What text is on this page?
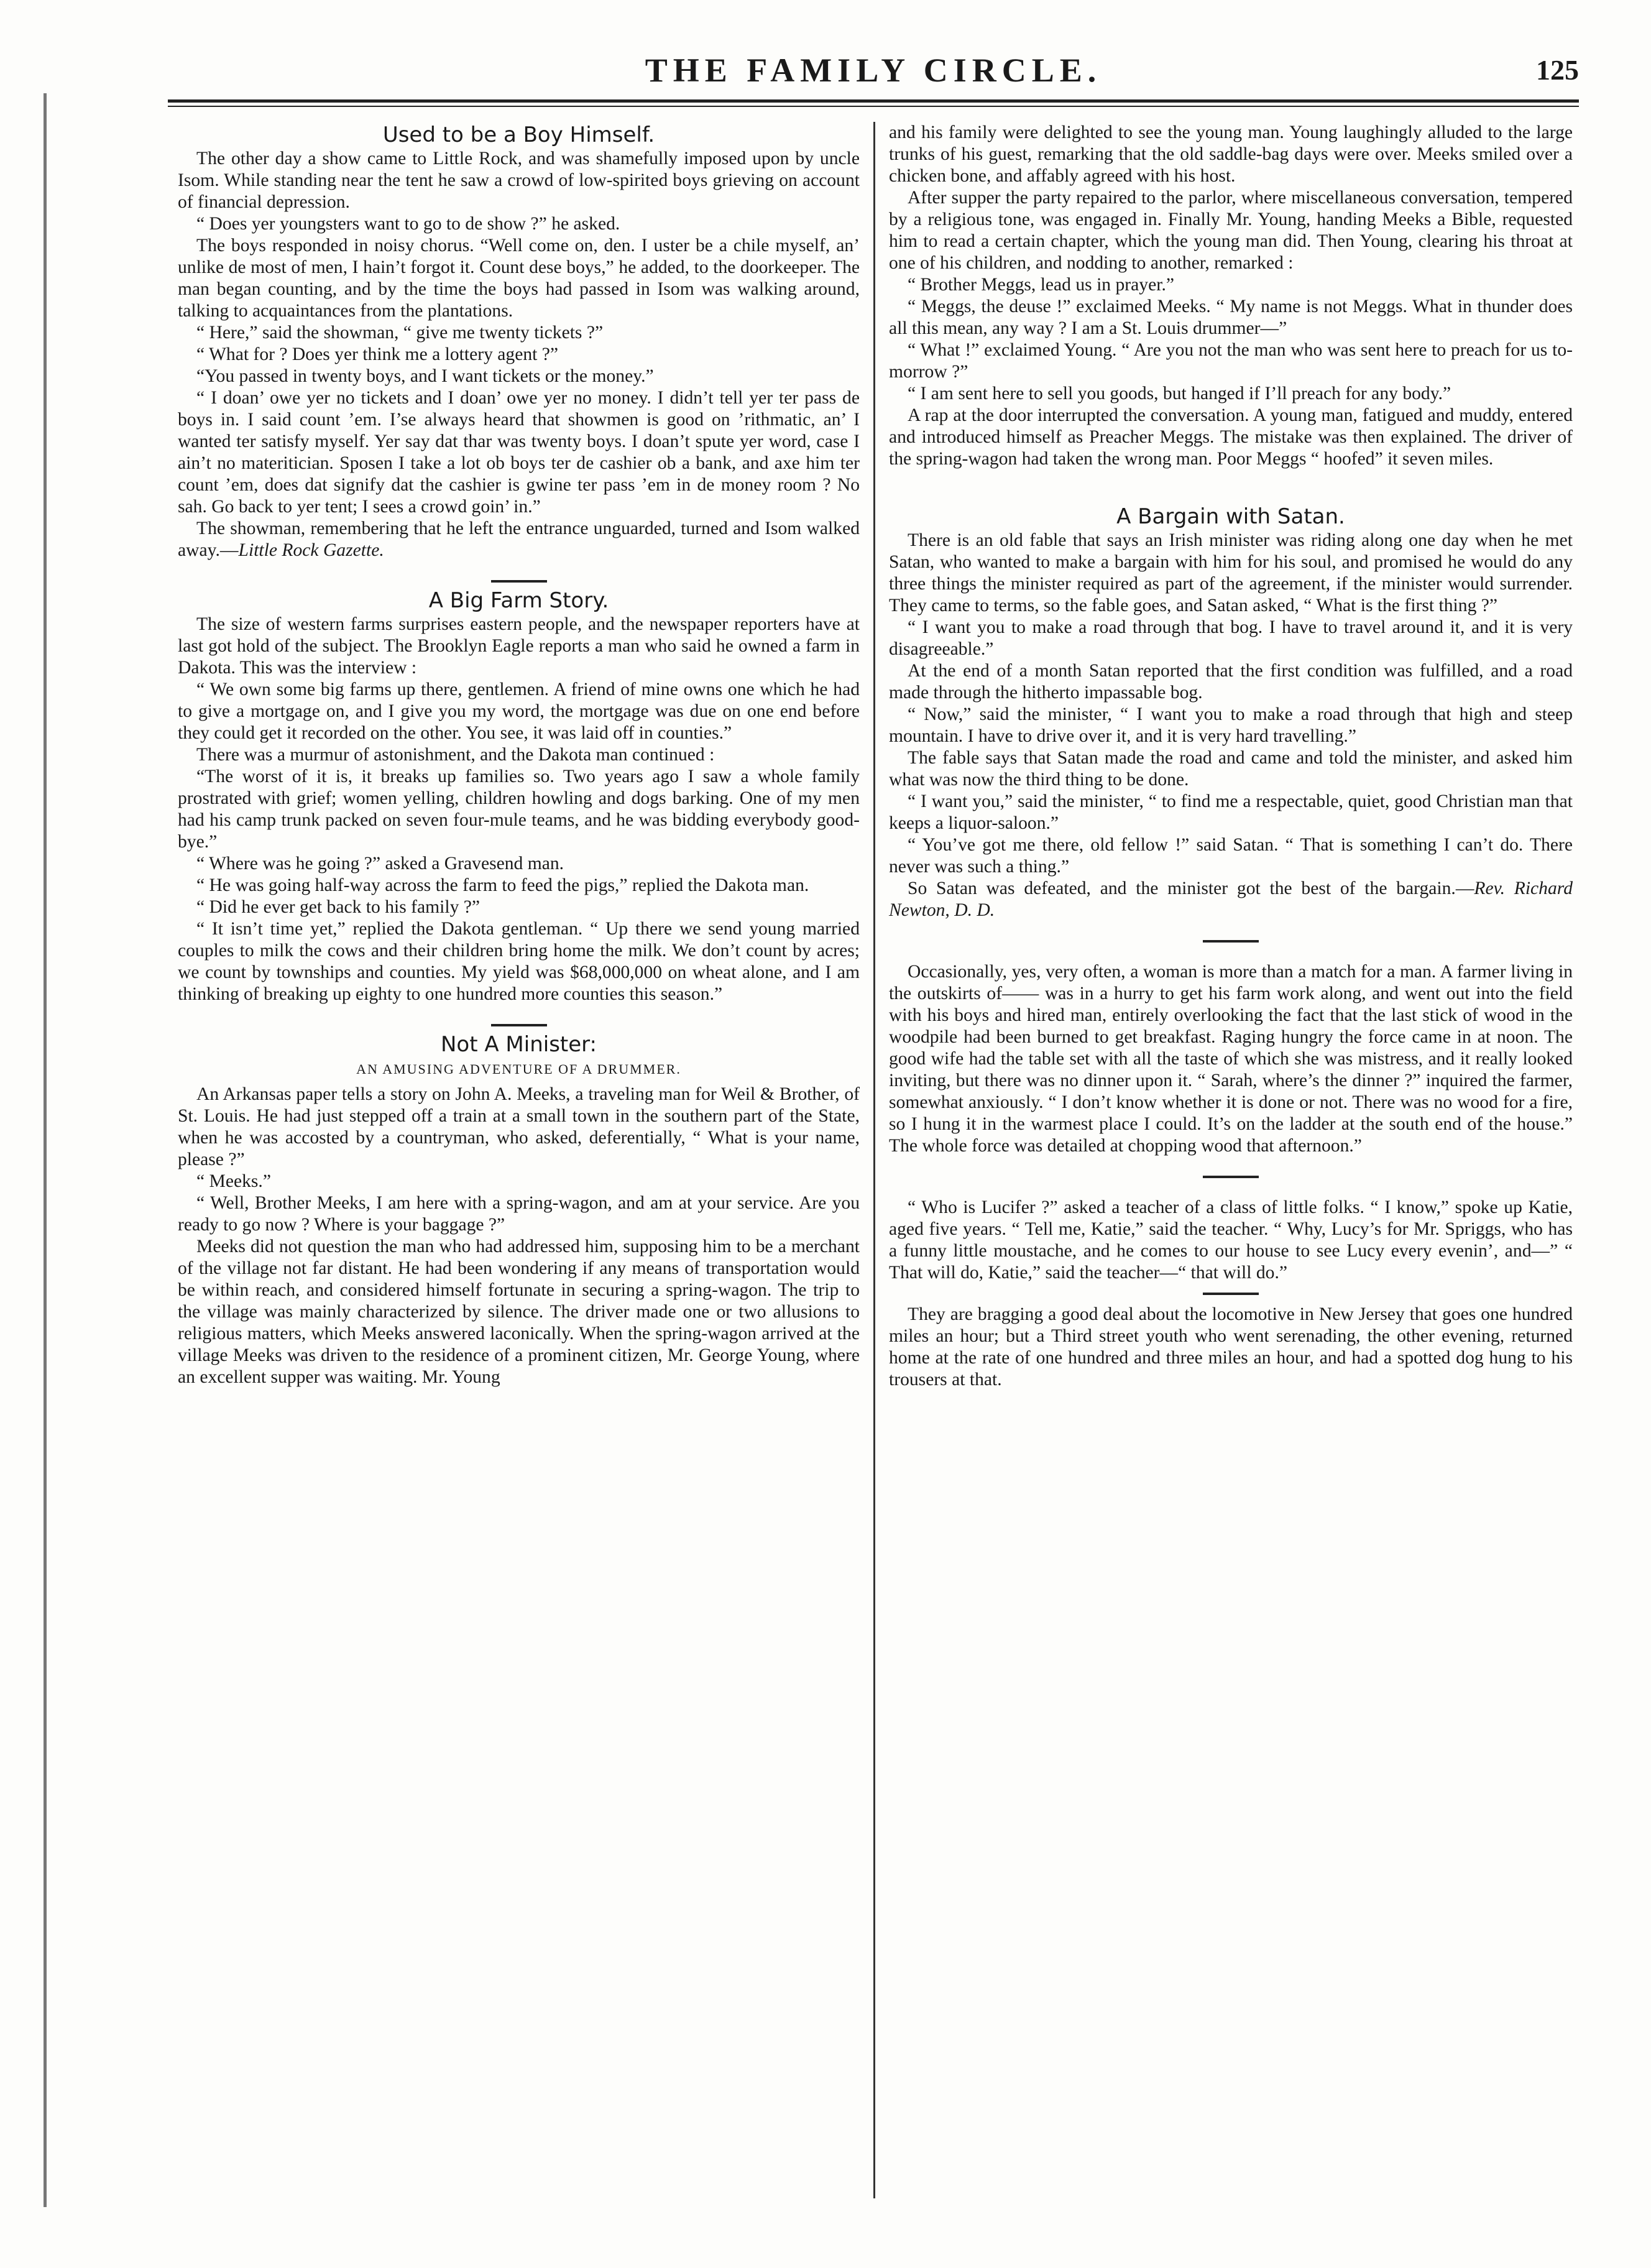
THE FAMILY CIRCLE.	125
Used to be a Boy Himself.

The other day a show came to Little Rock, and was shamefully imposed upon by uncle Isom. While standing near the tent he saw a crowd of low-spirited boys grieving on account of financial depression.

“ Does yer youngsters want to go to de show ?” he asked.

The boys responded in noisy chorus. “Well come on, den. I uster be a chile myself, an’ unlike de most of men, I hain’t forgot it. Count dese boys,” he added, to the doorkeeper. The man began counting, and by the time the boys had passed in Isom was walking around, talking to acquaintances from the plantations.

“ Here,” said the showman, “ give me twenty tickets ?”

“ What for ? Does yer think me a lottery agent ?”

“You passed in twenty boys, and I want tickets or the money.”

“ I doan’ owe yer no tickets and I doan’ owe yer no money. I didn’t tell yer ter pass de boys in. I said count ’em. I’se always heard that showmen is good on ’rithmatic, an’ I wanted ter satisfy myself. Yer say dat thar was twenty boys. I doan’t spute yer word, case I ain’t no materitician. Sposen I take a lot ob boys ter de cashier ob a bank, and axe him ter count ’em, does dat signify dat the cashier is gwine ter pass ’em in de money room ? No sah. Go back to yer tent; I sees a crowd goin’ in.”

The showman, remembering that he left the entrance unguarded, turned and Isom walked away.—Little Rock Gazette.

A Big Farm Story.

The size of western farms surprises eastern people, and the newspaper reporters have at last got hold of the subject. The Brooklyn Eagle reports a man who said he owned a farm in Dakota. This was the interview :

“ We own some big farms up there, gentlemen. A friend of mine owns one which he had to give a mortgage on, and I give you my word, the mortgage was due on one end before they could get it recorded on the other. You see, it was laid off in counties.”

There was a murmur of astonishment, and the Dakota man continued :

“The worst of it is, it breaks up families so. Two years ago I saw a whole family prostrated with grief; women yelling, children howling and dogs barking. One of my men had his camp trunk packed on seven four-mule teams, and he was bidding everybody good-bye.”

“ Where was he going ?” asked a Gravesend man.

“ He was going half-way across the farm to feed the pigs,” replied the Dakota man.

“ Did he ever get back to his family ?”

“ It isn’t time yet,” replied the Dakota gentleman. “ Up there we send young married couples to milk the cows and their children bring home the milk. We don’t count by acres; we count by townships and counties. My yield was $68,000,000 on wheat alone, and I am thinking of breaking up eighty to one hundred more counties this season.”

Not A Minister:
AN AMUSING ADVENTURE OF A DRUMMER.

An Arkansas paper tells a story on John A. Meeks, a traveling man for Weil & Brother, of St. Louis. He had just stepped off a train at a small town in the southern part of the State, when he was accosted by a countryman, who asked, deferentially, “ What is your name, please ?”

“ Meeks.”

“ Well, Brother Meeks, I am here with a spring-wagon, and am at your service. Are you ready to go now ? Where is your baggage ?”

Meeks did not question the man who had addressed him, supposing him to be a merchant of the village not far distant. He had been wondering if any means of transportation would be within reach, and considered himself fortunate in securing a spring-wagon. The trip to the village was mainly characterized by silence. The driver made one or two allusions to religious matters, which Meeks answered laconically. When the spring-wagon arrived at the village Meeks was driven to the residence of a prominent citizen, Mr. George Young, where an excellent supper was waiting. Mr. Young

and his family were delighted to see the young man. Young laughingly alluded to the large trunks of his guest, remarking that the old saddle-bag days were over. Meeks smiled over a chicken bone, and affably agreed with his host.

After supper the party repaired to the parlor, where miscellaneous conversation, tempered by a religious tone, was engaged in. Finally Mr. Young, handing Meeks a Bible, requested him to read a certain chapter, which the young man did. Then Young, clearing his throat at one of his children, and nodding to another, remarked :

“ Brother Meggs, lead us in prayer.”

“ Meggs, the deuse !” exclaimed Meeks. “ My name is not Meggs. What in thunder does all this mean, any way ? I am a St. Louis drummer—”

“ What !” exclaimed Young. “ Are you not the man who was sent here to preach for us to-morrow ?”

“ I am sent here to sell you goods, but hanged if I’ll preach for any body.”

A rap at the door interrupted the conversation. A young man, fatigued and muddy, entered and introduced himself as Preacher Meggs. The mistake was then explained. The driver of the spring-wagon had taken the wrong man. Poor Meggs “ hoofed” it seven miles.

A Bargain with Satan.

There is an old fable that says an Irish minister was riding along one day when he met Satan, who wanted to make a bargain with him for his soul, and promised he would do any three things the minister required as part of the agreement, if the minister would surrender. They came to terms, so the fable goes, and Satan asked, “ What is the first thing ?”

“ I want you to make a road through that bog. I have to travel around it, and it is very disagreeable.”

At the end of a month Satan reported that the first condition was fulfilled, and a road made through the hitherto impassable bog.

“ Now,” said the minister, “ I want you to make a road through that high and steep mountain. I have to drive over it, and it is very hard travelling.”

The fable says that Satan made the road and came and told the minister, and asked him what was now the third thing to be done.

“ I want you,” said the minister, “ to find me a respectable, quiet, good Christian man that keeps a liquor-saloon.”

“ You’ve got me there, old fellow !” said Satan. “ That is something I can’t do. There never was such a thing.”

So Satan was defeated, and the minister got the best of the bargain.—Rev. Richard Newton, D. D.

Occasionally, yes, very often, a woman is more than a match for a man. A farmer living in the outskirts of—— was in a hurry to get his farm work along, and went out into the field with his boys and hired man, entirely overlooking the fact that the last stick of wood in the woodpile had been burned to get breakfast. Raging hungry the force came in at noon. The good wife had the table set with all the taste of which she was mistress, and it really looked inviting, but there was no dinner upon it. “ Sarah, where’s the dinner ?” inquired the farmer, somewhat anxiously. “ I don’t know whether it is done or not. There was no wood for a fire, so I hung it in the warmest place I could. It’s on the ladder at the south end of the house.” The whole force was detailed at chopping wood that afternoon.”

“ Who is Lucifer ?” asked a teacher of a class of little folks. “ I know,” spoke up Katie, aged five years. “ Tell me, Katie,” said the teacher. “ Why, Lucy’s for Mr. Spriggs, who has a funny little moustache, and he comes to our house to see Lucy every evenin’, and—” “ That will do, Katie,” said the teacher—“ that will do.”

They are bragging a good deal about the locomotive in New Jersey that goes one hundred miles an hour; but a Third street youth who went serenading, the other evening, returned home at the rate of one hundred and three miles an hour, and had a spotted dog hung to his trousers at that.
